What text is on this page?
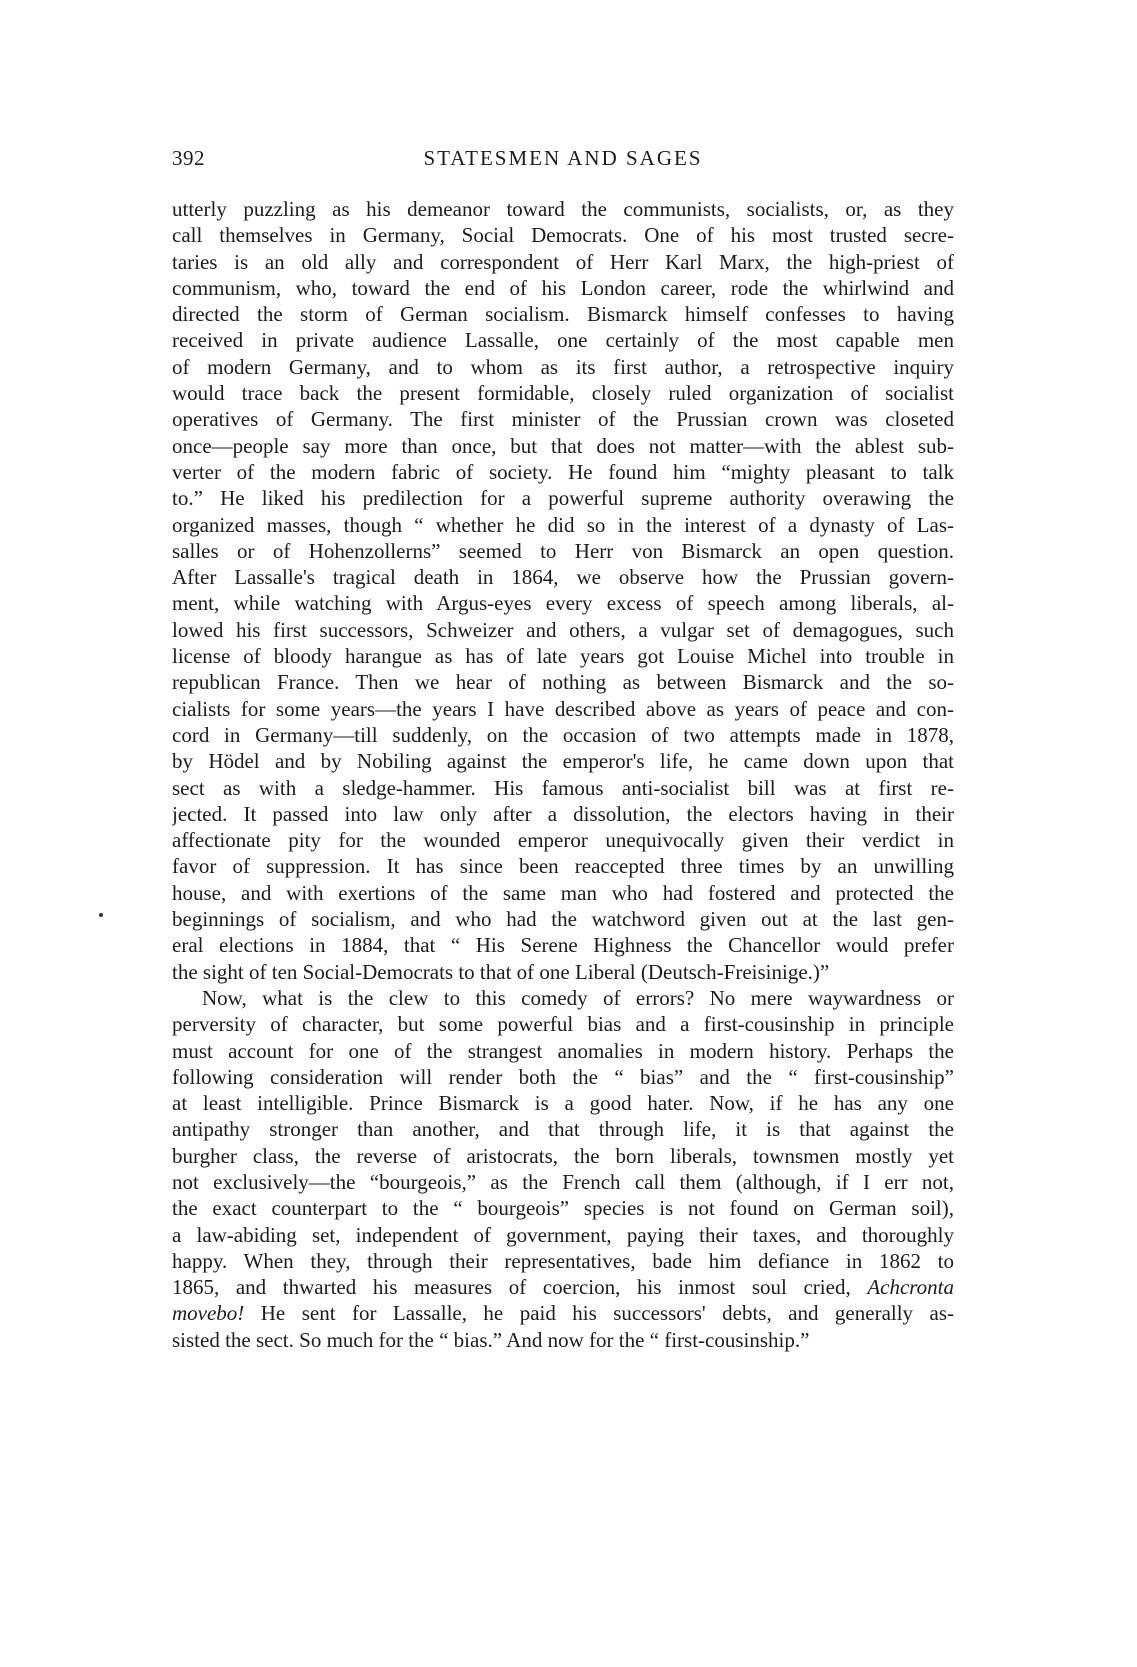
392	STATESMEN AND SAGES
utterly puzzling as his demeanor toward the communists, socialists, or, as they
call themselves in Germany, Social Democrats. One of his most trusted secre-
taries is an old ally and correspondent of Herr Karl Marx, the high-priest of
communism, who, toward the end of his London career, rode the whirlwind and
directed the storm of German socialism. Bismarck himself confesses to having
received in private audience Lassalle, one certainly of the most capable men
of modern Germany, and to whom as its first author, a retrospective inquiry
would trace back the present formidable, closely ruled organization of socialist
operatives of Germany. The first minister of the Prussian crown was closeted
once—people say more than once, but that does not matter—with the ablest sub-
verter of the modern fabric of society. He found him “mighty pleasant to talk
to.” He liked his predilection for a powerful supreme authority overawing the
organized masses, though “ whether he did so in the interest of a dynasty of Las-
salles or of Hohenzollerns” seemed to Herr von Bismarck an open question.
After Lassalle's tragical death in 1864, we observe how the Prussian govern-
ment, while watching with Argus-eyes every excess of speech among liberals, al-
lowed his first successors, Schweizer and others, a vulgar set of demagogues, such
license of bloody harangue as has of late years got Louise Michel into trouble in
republican France. Then we hear of nothing as between Bismarck and the so-
cialists for some years—the years I have described above as years of peace and con-
cord in Germany—till suddenly, on the occasion of two attempts made in 1878,
by Hödel and by Nobiling against the emperor's life, he came down upon that
sect as with a sledge-hammer. His famous anti-socialist bill was at first re-
jected. It passed into law only after a dissolution, the electors having in their
affectionate pity for the wounded emperor unequivocally given their verdict in
favor of suppression. It has since been reaccepted three times by an unwilling
house, and with exertions of the same man who had fostered and protected the
beginnings of socialism, and who had the watchword given out at the last gen-
eral elections in 1884, that “ His Serene Highness the Chancellor would prefer
the sight of ten Social-Democrats to that of one Liberal (Deutsch-Freisinige.)”
Now, what is the clew to this comedy of errors? No mere waywardness or
perversity of character, but some powerful bias and a first-cousinship in principle
must account for one of the strangest anomalies in modern history. Perhaps the
following consideration will render both the “ bias” and the “ first-cousinship”
at least intelligible. Prince Bismarck is a good hater. Now, if he has any one
antipathy stronger than another, and that through life, it is that against the
burgher class, the reverse of aristocrats, the born liberals, townsmen mostly yet
not exclusively—the “bourgeois,” as the French call them (although, if I err not,
the exact counterpart to the “ bourgeois” species is not found on German soil),
a law-abiding set, independent of government, paying their taxes, and thoroughly
happy. When they, through their representatives, bade him defiance in 1862 to
1865, and thwarted his measures of coercion, his inmost soul cried, Achcronta
movebo! He sent for Lassalle, he paid his successors' debts, and generally as-
sisted the sect. So much for the “ bias.” And now for the “ first-cousinship.”
